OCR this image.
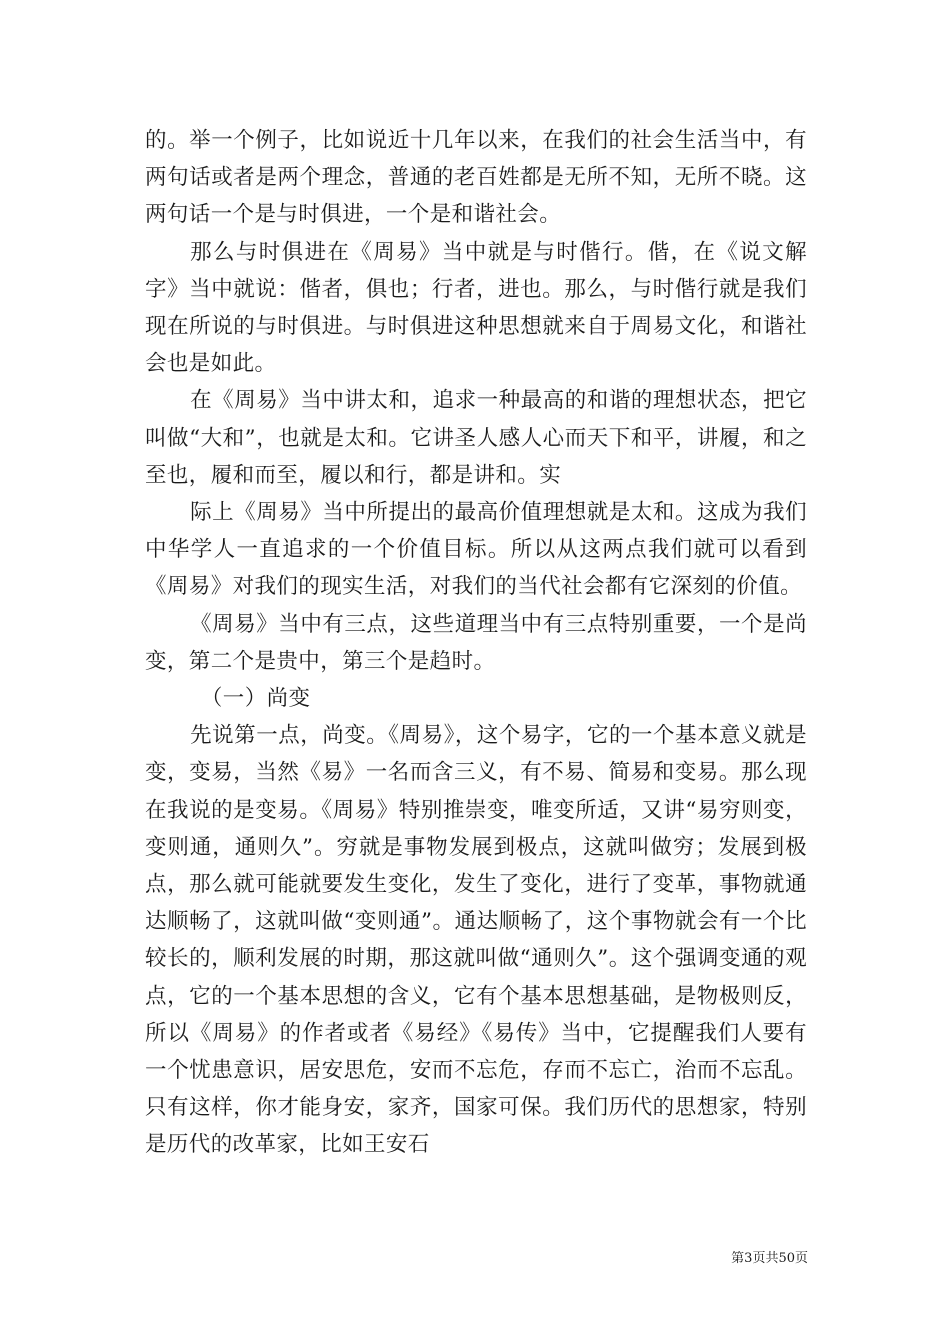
的。举一个例子，比如说近十几年以来，在我们的社会生活当中，有两句话或者是两个理念，普通的老百姓都是无所不知，无所不晓。这两句话一个是与时俱进，一个是和谐社会。

那么与时俱进在《周易》当中就是与时偕行。偕，在《说文解字》当中就说：偕者，俱也；行者，进也。那么，与时偕行就是我们现在所说的与时俱进。与时俱进这种思想就来自于周易文化，和谐社会也是如此。

在《周易》当中讲太和，追求一种最高的和谐的理想状态，把它叫做“大和”，也就是太和。它讲圣人感人心而天下和平，讲履，和之至也，履和而至，履以和行，都是讲和。实

际上《周易》当中所提出的最高价值理想就是太和。这成为我们中华学人一直追求的一个价值目标。所以从这两点我们就可以看到《周易》对我们的现实生活，对我们的当代社会都有它深刻的价值。

《周易》当中有三点，这些道理当中有三点特别重要，一个是尚变，第二个是贵中，第三个是趋时。

（一）尚变

先说第一点，尚变。《周易》，这个易字，它的一个基本意义就是变，变易，当然《易》一名而含三义，有不易、简易和变易。那么现在我说的是变易。《周易》特别推崇变，唯变所适，又讲“易穷则变，变则通，通则久”。穷就是事物发展到极点，这就叫做穷；发展到极点，那么就可能就要发生变化，发生了变化，进行了变革，事物就通达顺畅了，这就叫做“变则通”。通达顺畅了，这个事物就会有一个比较长的，顺利发展的时期，那这就叫做“通则久”。这个强调变通的观点，它的一个基本思想的含义，它有个基本思想基础，是物极则反，所以《周易》的作者或者《易经》《易传》当中，它提醒我们人要有一个忧患意识，居安思危，安而不忘危，存而不忘亡，治而不忘乱。只有这样，你才能身安，家齐，国家可保。我们历代的思想家，特别是历代的改革家，比如王安石

第3页共50页
